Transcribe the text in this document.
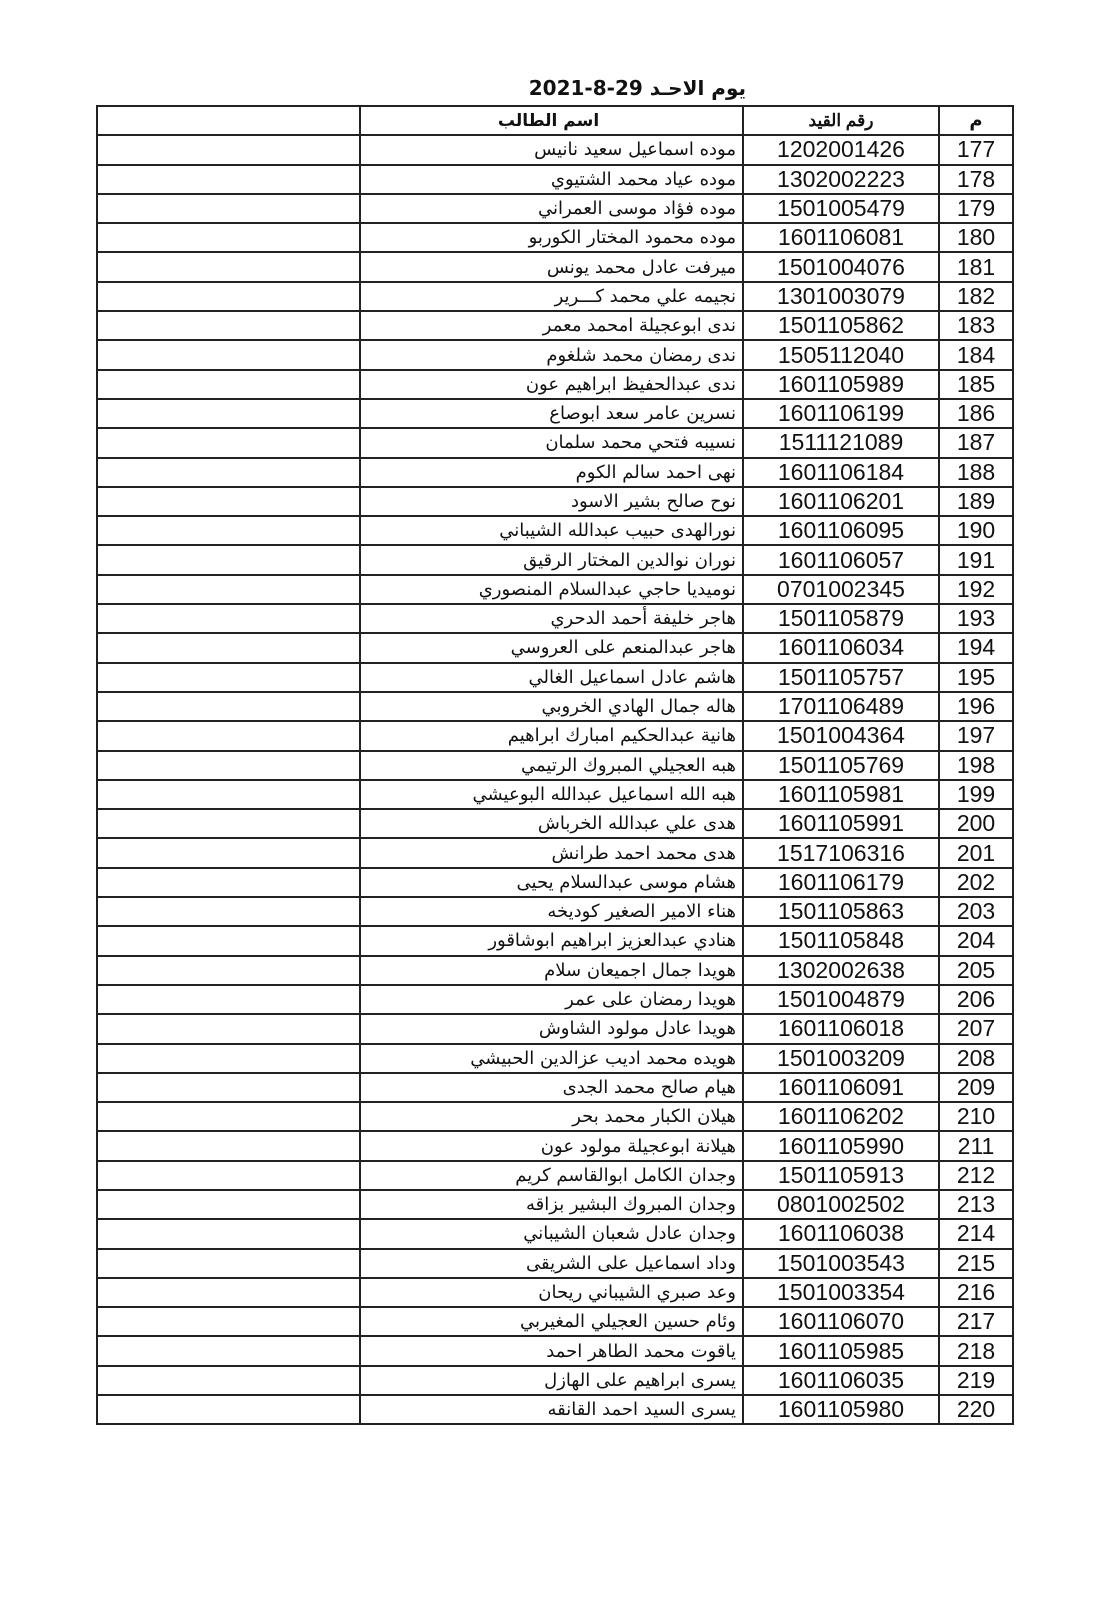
يوم الاحـد 29-8-2021
	اسم الطالب	رقم القيد	م
	موده اسماعيل سعيد نانيس	1202001426	177
	موده عياد محمد الشتيوي	1302002223	178
	موده فؤاد موسى العمراني	1501005479	179
	موده محمود المختار الكوربو	1601106081	180
	ميرفت عادل محمد يونس	1501004076	181
	نجيمه علي محمد كـــرير	1301003079	182
	ندى ابوعجيلة امحمد معمر	1501105862	183
	ندى رمضان محمد شلغوم	1505112040	184
	ندى عبدالحفيظ ابراهيم عون	1601105989	185
	نسرين عامر سعد ابوصاع	1601106199	186
	نسيبه فتحي محمد سلمان	1511121089	187
	نهى احمد سالم الكوم	1601106184	188
	نوح صالح بشير الاسود	1601106201	189
	نورالهدى حبيب عبدالله الشيباني	1601106095	190
	نوران نوالدين المختار الرقيق	1601106057	191
	نوميديا حاجي عبدالسلام المنصوري	0701002345	192
	هاجر خليفة أحمد الدحري	1501105879	193
	هاجر عبدالمنعم على العروسي	1601106034	194
	هاشم عادل اسماعيل الغالي	1501105757	195
	هاله جمال الهادي الخروبي	1701106489	196
	هانية عبدالحكيم امبارك ابراهيم	1501004364	197
	هبه العجيلي المبروك الرتيمي	1501105769	198
	هبه الله اسماعيل عبدالله البوعيشي	1601105981	199
	هدى علي عبدالله الخرباش	1601105991	200
	هدى محمد احمد طرانش	1517106316	201
	هشام موسى عبدالسلام يحيى	1601106179	202
	هناء الامير الصغير كوديخه	1501105863	203
	هنادي عبدالعزيز ابراهيم ابوشاقور	1501105848	204
	هويدا جمال اجميعان سلام	1302002638	205
	هويدا رمضان على عمر	1501004879	206
	هويدا عادل مولود الشاوش	1601106018	207
	هويده محمد اديب عزالدين الحبيشي	1501003209	208
	هيام صالح محمد الجدى	1601106091	209
	هيلان الكبار محمد بحر	1601106202	210
	هيلانة ابوعجيلة مولود عون	1601105990	211
	وجدان الكامل ابوالقاسم كريم	1501105913	212
	وجدان المبروك البشير بزاقه	0801002502	213
	وجدان عادل شعبان الشيباني	1601106038	214
	وداد اسماعيل على الشريقى	1501003543	215
	وعد صبري الشيباني ريحان	1501003354	216
	وئام حسين العجيلي المغيربي	1601106070	217
	ياقوت محمد الطاهر احمد	1601105985	218
	يسرى ابراهيم على الهازل	1601106035	219
	يسرى السيد احمد القانقه	1601105980	220
